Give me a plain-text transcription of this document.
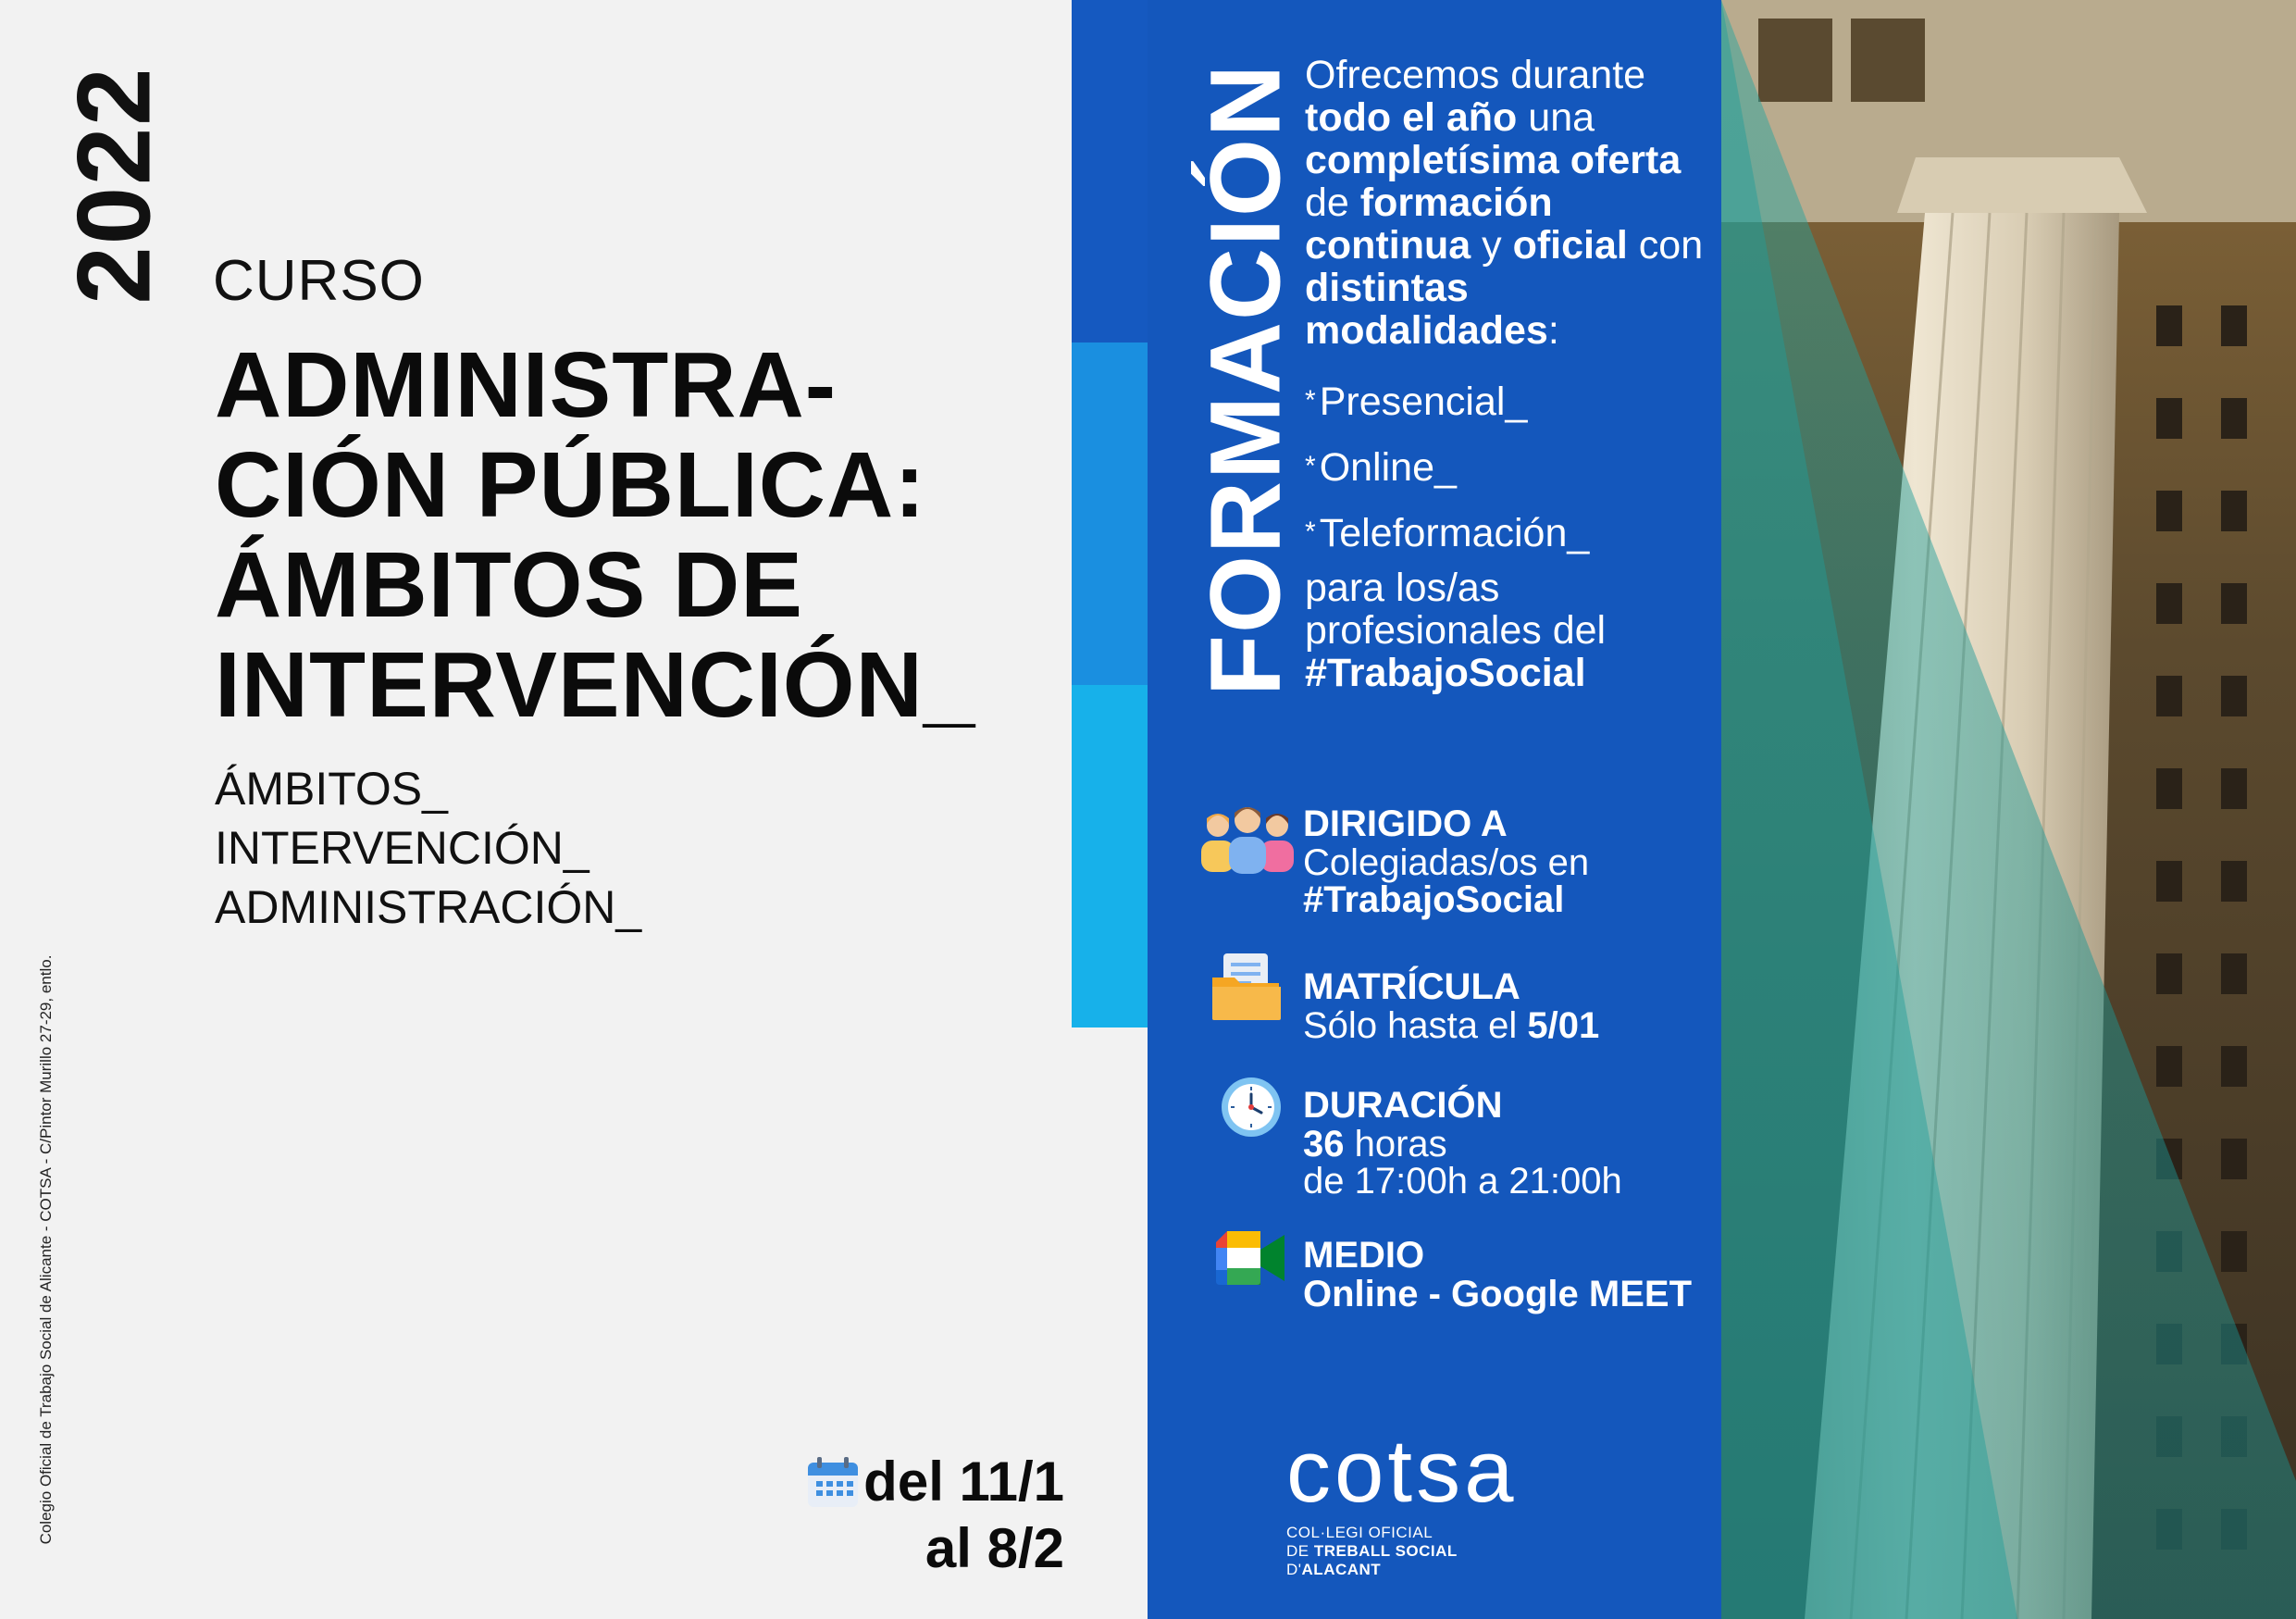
2022
Colegio Oficial de Trabajo Social de Alicante - COTSA - C/Pintor Murillo 27-29, entlo.
CURSO
ADMINISTRA-
CIÓN PÚBLICA:
ÁMBITOS DE
INTERVENCIÓN_
ÁMBITOS_
INTERVENCIÓN_
ADMINISTRACIÓN_
del 11/1
al 8/2
FORMACIÓN Ofrecemos durante
todo el año una
completísima oferta
de formación
continua y oficial con
distintas
modalidades:
*Presencial_
*Online_
*Teleformación_
para los/as
profesionales del
#TrabajoSocial
DIRIGIDO A
Colegiadas/os en
#TrabajoSocial
MATRÍCULA
Sólo hasta el 5/01
DURACIÓN
36 horas
de 17:00h a 21:00h
MEDIO
Online - Google MEET
cotsa
COL·LEGI OFICIAL
DE TREBALL SOCIAL
D'ALACANT
